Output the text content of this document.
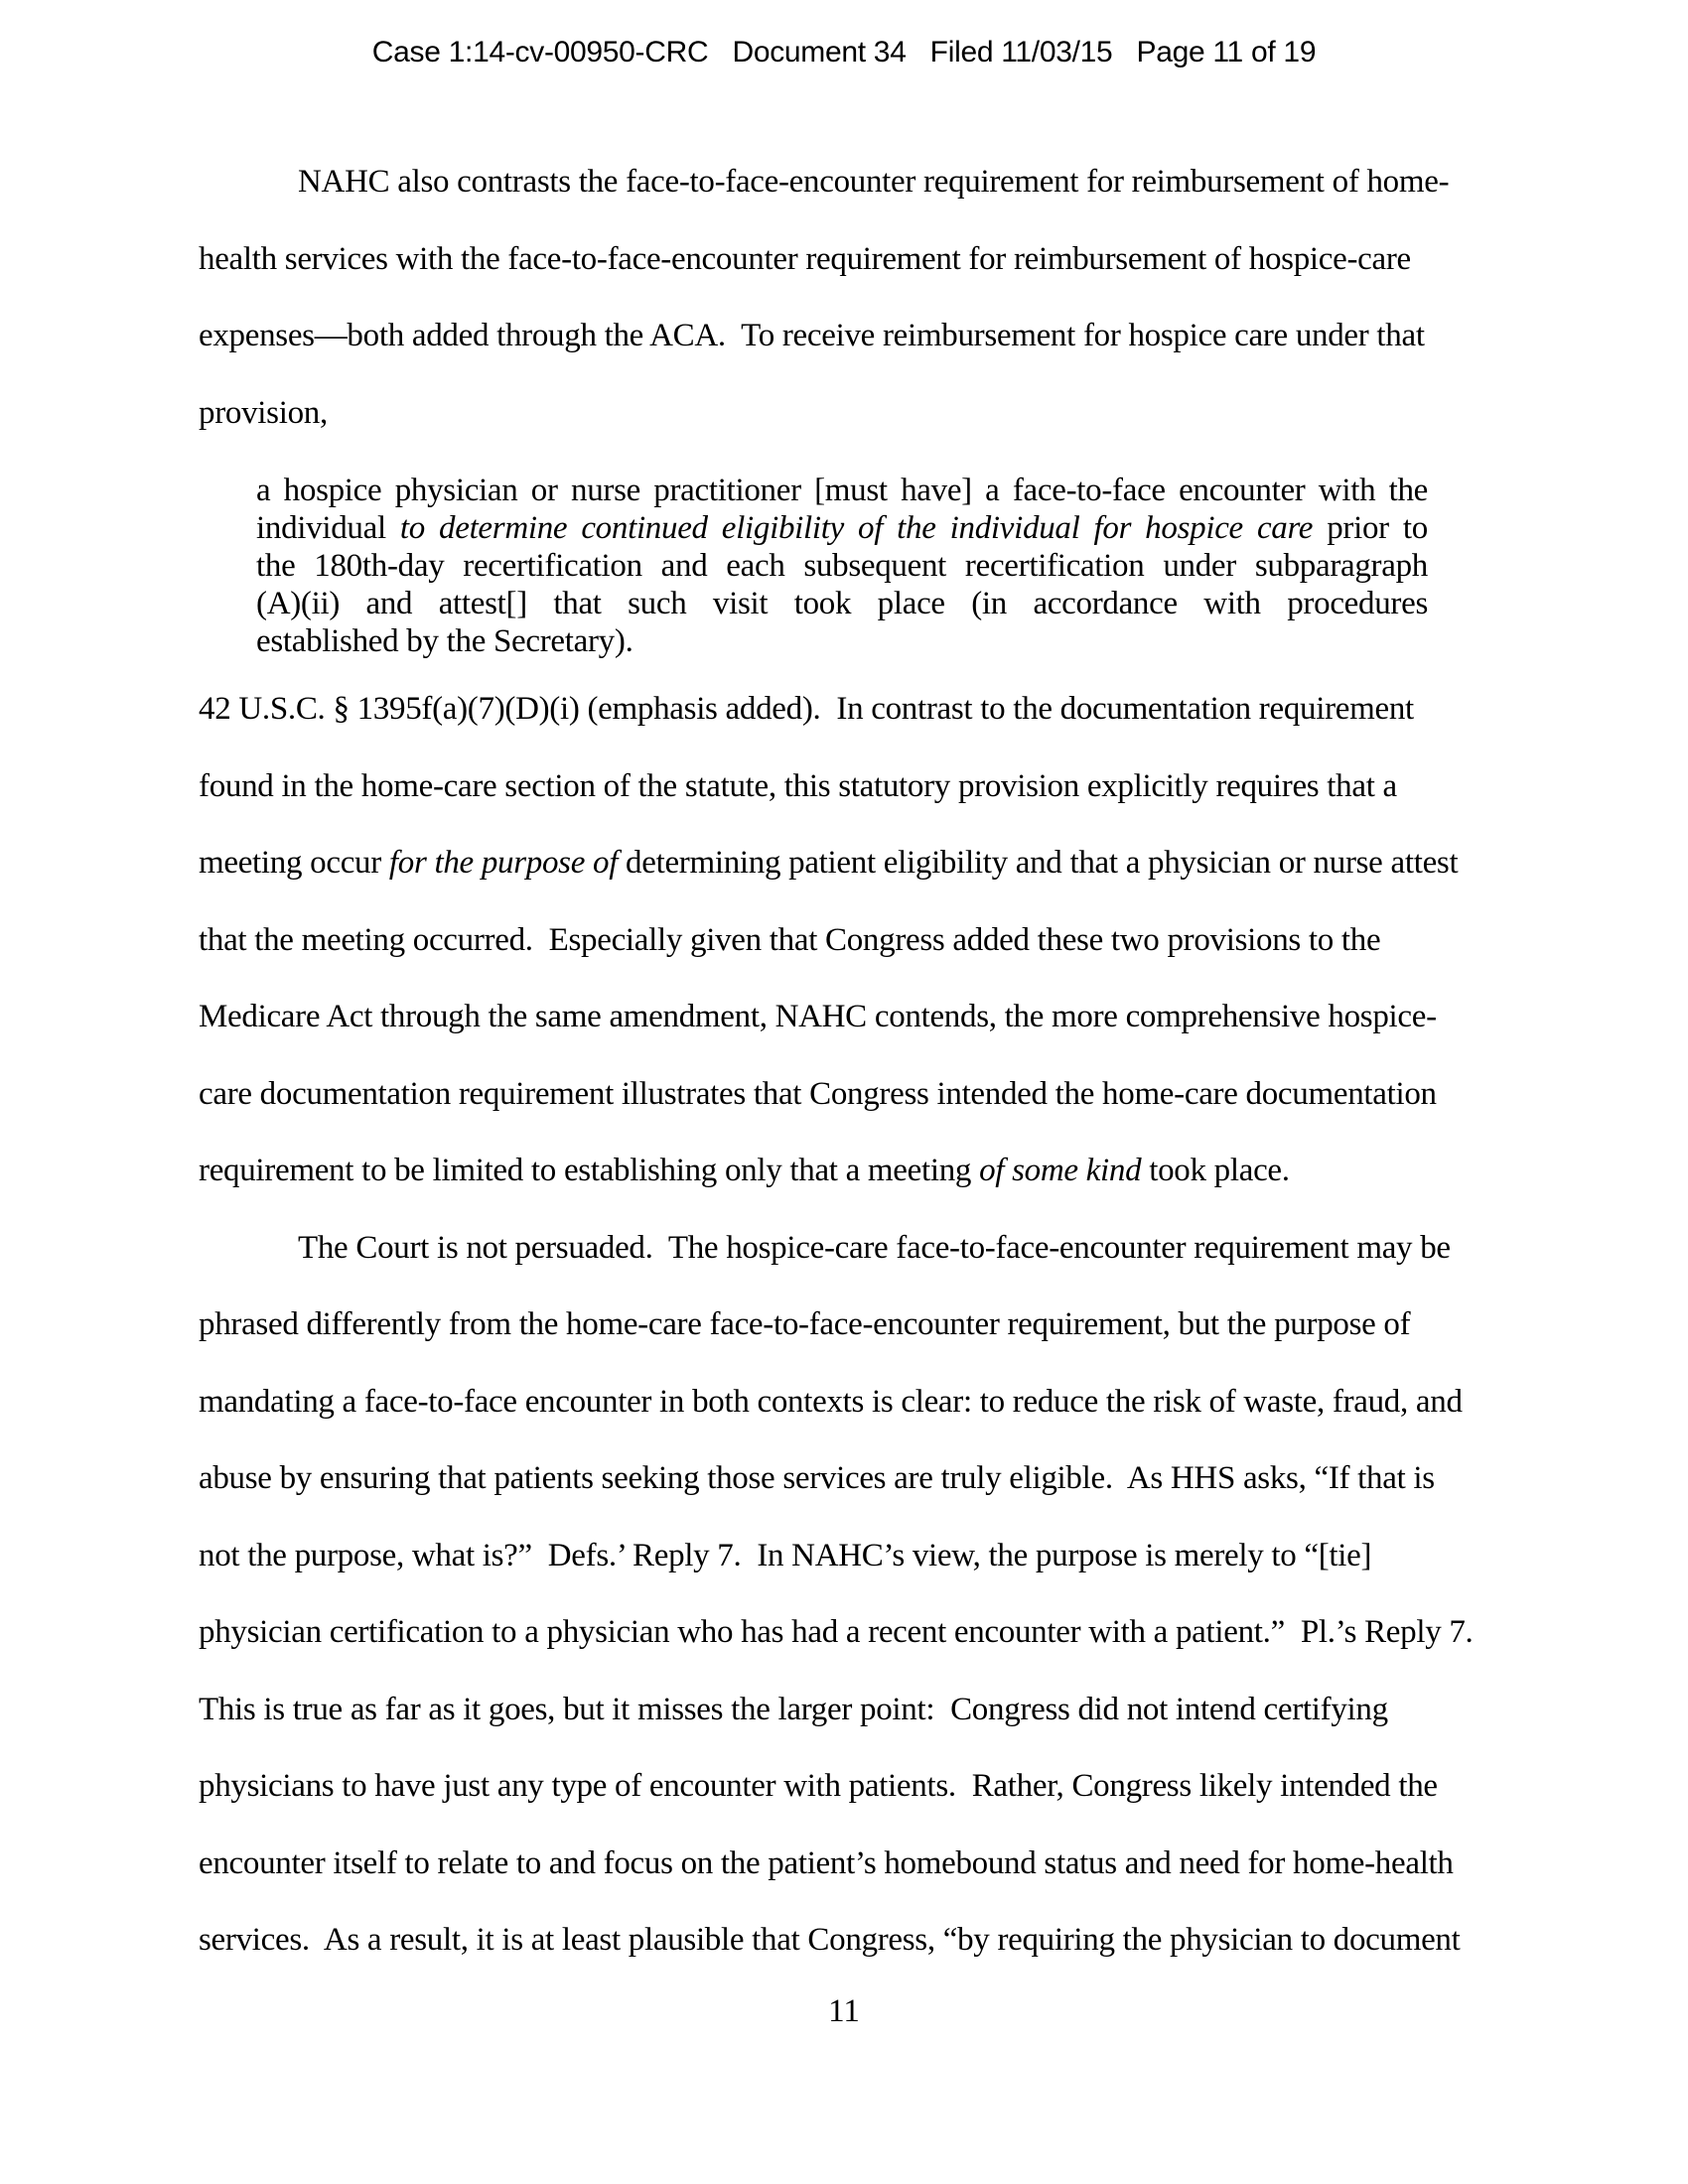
Case 1:14-cv-00950-CRC   Document 34   Filed 11/03/15   Page 11 of 19
NAHC also contrasts the face-to-face-encounter requirement for reimbursement of home-
health services with the face-to-face-encounter requirement for reimbursement of hospice-care
expenses—both added through the ACA.  To receive reimbursement for hospice care under that
provision,
a hospice physician or nurse practitioner [must have] a face-to-face encounter with the
individual to determine continued eligibility of the individual for hospice care prior to
the 180th-day recertification and each subsequent recertification under subparagraph
(A)(ii) and attest[] that such visit took place (in accordance with procedures
established by the Secretary).
42 U.S.C. § 1395f(a)(7)(D)(i) (emphasis added).  In contrast to the documentation requirement
found in the home-care section of the statute, this statutory provision explicitly requires that a
meeting occur for the purpose of determining patient eligibility and that a physician or nurse attest
that the meeting occurred.  Especially given that Congress added these two provisions to the
Medicare Act through the same amendment, NAHC contends, the more comprehensive hospice-
care documentation requirement illustrates that Congress intended the home-care documentation
requirement to be limited to establishing only that a meeting of some kind took place.
The Court is not persuaded.  The hospice-care face-to-face-encounter requirement may be
phrased differently from the home-care face-to-face-encounter requirement, but the purpose of
mandating a face-to-face encounter in both contexts is clear: to reduce the risk of waste, fraud, and
abuse by ensuring that patients seeking those services are truly eligible.  As HHS asks, “If that is
not the purpose, what is?”  Defs.’ Reply 7.  In NAHC’s view, the purpose is merely to “[tie]
physician certification to a physician who has had a recent encounter with a patient.”  Pl.’s Reply 7.
This is true as far as it goes, but it misses the larger point:  Congress did not intend certifying
physicians to have just any type of encounter with patients.  Rather, Congress likely intended the
encounter itself to relate to and focus on the patient’s homebound status and need for home-health
services.  As a result, it is at least plausible that Congress, “by requiring the physician to document
11
